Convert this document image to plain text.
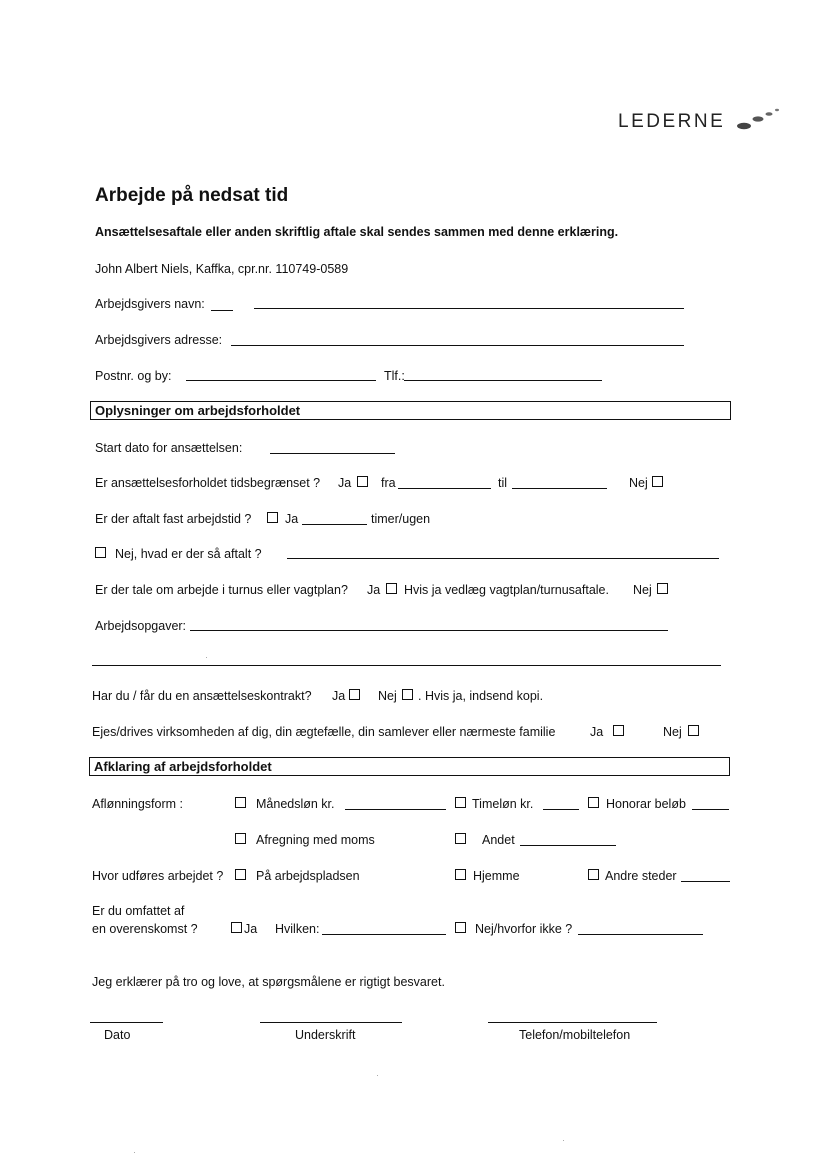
LEDERNE
Arbejde på nedsat tid
Ansættelsesaftale eller anden skriftlig aftale skal sendes sammen med denne erklæring.
John Albert Niels, Kaffka, cpr.nr. 110749-0589
Arbejdsgivers navn:
Arbejdsgivers adresse:
Postnr. og by:	Tlf.:
Oplysninger om arbejdsforholdet
Start dato for ansættelsen:
Er ansættelsesforholdet tidsbegrænset ? Ja fra	til	Nej
Er der aftalt fast arbejdstid ?	Ja	timer/ugen
Nej, hvad er der så aftalt ?
Er der tale om arbejde i turnus eller vagtplan? Ja Hvis ja vedlæg vagtplan/turnusaftale. Nej
Arbejdsopgaver:
Har du / får du en ansættelseskontrakt? Ja	Nej . Hvis ja, indsend kopi.
Ejes/drives virksomheden af dig, din ægtefælle, din samlever eller nærmeste familie	Ja	Nej
Afklaring af arbejdsforholdet
Aflønningsform :	Månedsløn kr.	Timeløn kr.	Honorar beløb
Afregning med moms	Andet
Hvor udføres arbejdet ?	På arbejdspladsen	Hjemme	Andre steder
Er du omfattet af
en overenskomst ?	Ja Hvilken:	Nej/hvorfor ikke ?
Jeg erklærer på tro og love, at spørgsmålene er rigtigt besvaret.
Dato	Underskrift	Telefon/mobiltelefon
